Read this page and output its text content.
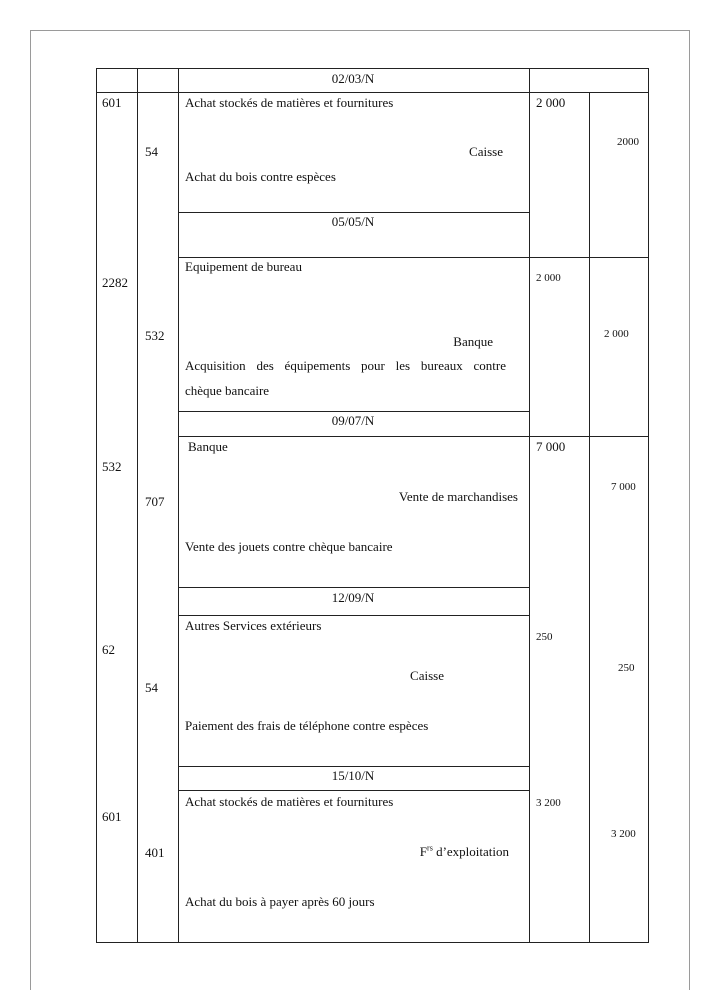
02/03/N
601
54
Achat stockés de matières et fournitures
Caisse
Achat du bois contre espèces
2 000
2000
05/05/N
2282
532
Equipement de bureau
Banque
Acquisition des équipements pour les bureaux contre
chèque bancaire
2 000
2 000
09/07/N
532
707
Banque
Vente de marchandises
Vente des jouets contre chèque bancaire
7 000
7 000
12/09/N
62
54
Autres Services extérieurs
Caisse
Paiement des frais de téléphone contre espèces
250
250
15/10/N
601
401
Achat stockés de matières et fournitures
$F^{rs}$ d’exploitation
Achat du bois à payer après 60 jours
3 200
3 200
